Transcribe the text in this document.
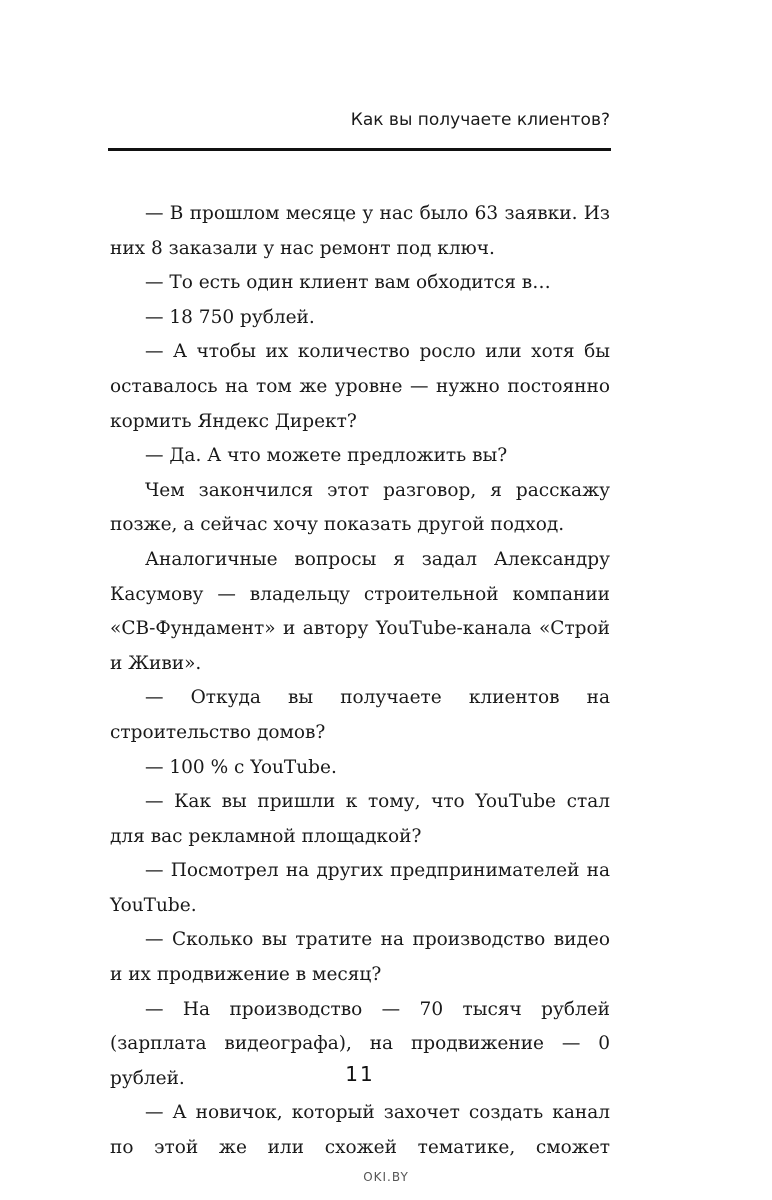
Как вы получаете клиентов?

— В прошлом месяце у нас было 63 заявки. Из них 8 заказали у нас ремонт под ключ.

— То есть один клиент вам обходится в…

— 18 750 рублей.

— А чтобы их количество росло или хотя бы оставалось на том же уровне — нужно постоянно кормить Яндекс Директ?

— Да. А что можете предложить вы?

Чем закончился этот разговор, я расскажу позже, а сейчас хочу показать другой подход.

Аналогичные вопросы я задал Александру Касумову — владельцу строительной компании «СВ-Фундамент» и автору YouTube-канала «Строй и Живи».

— Откуда вы получаете клиентов на строительство домов?

— 100 % с YouTube.

— Как вы пришли к тому, что YouTube стал для вас рекламной площадкой?

— Посмотрел на других предпринимателей на YouTube.

— Сколько вы тратите на производство видео и их продвижение в месяц?

— На производство — 70 тысяч рублей (зарплата видеографа), на продвижение — 0 рублей.

— А новичок, который захочет создать канал по этой же или схожей тематике, сможет

11
OKI.BY
